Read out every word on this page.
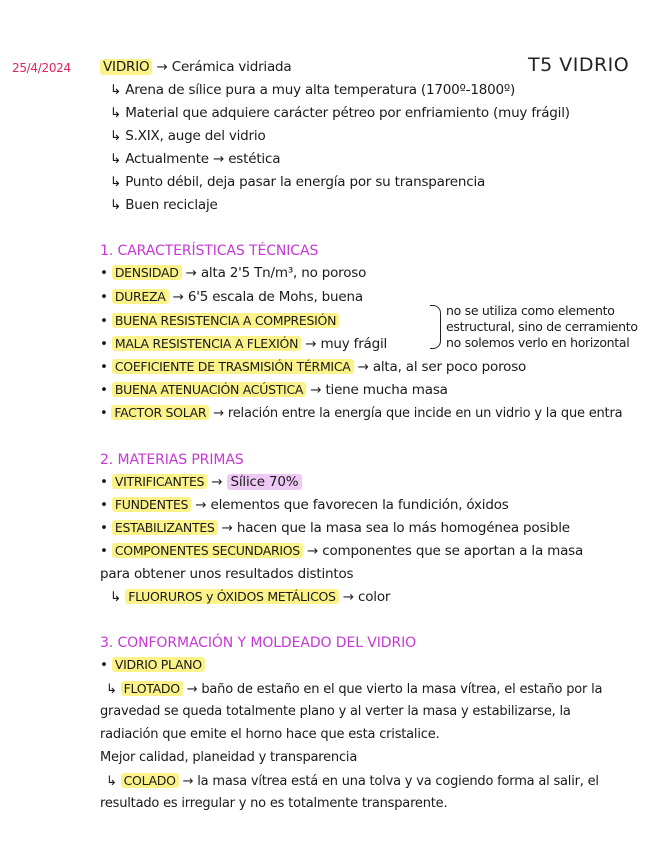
25/4/2024	T5 VIDRIO
VIDRIO → Cerámica vidriada
↳ Arena de sílice pura a muy alta temperatura (1700º-1800º)
↳ Material que adquiere carácter pétreo por enfriamiento (muy frágil)
↳ S.XIX, auge del vidrio
↳ Actualmente → estética
↳ Punto débil, deja pasar la energía por su transparencia
↳ Buen reciclaje
1. CARACTERÍSTICAS TÉCNICAS
• DENSIDAD → alta 2'5 Tn/m³, no poroso
• DUREZA → 6'5 escala de Mohs, buena
• BUENA RESISTENCIA A COMPRESIÓN
• MALA RESISTENCIA A FLEXIÓN → muy frágil
no se utiliza como elemento
estructural, sino de cerramiento
no solemos verlo en horizontal
• COEFICIENTE DE TRASMISIÓN TÉRMICA → alta, al ser poco poroso
• BUENA ATENUACIÓN ACÚSTICA → tiene mucha masa
• FACTOR SOLAR → relación entre la energía que incide en un vidrio y la que entra
2. MATERIAS PRIMAS
• VITRIFICANTES → Sílice 70%
• FUNDENTES → elementos que favorecen la fundición, óxidos
• ESTABILIZANTES → hacen que la masa sea lo más homogénea posible
• COMPONENTES SECUNDARIOS → componentes que se aportan a la masa
para obtener unos resultados distintos
↳ FLUORUROS y ÓXIDOS METÁLICOS → color
3. CONFORMACIÓN Y MOLDEADO DEL VIDRIO
• VIDRIO PLANO
↳ FLOTADO → baño de estaño en el que vierto la masa vítrea, el estaño por la
gravedad se queda totalmente plano y al verter la masa y estabilizarse, la
radiación que emite el horno hace que esta cristalice.
Mejor calidad, planeidad y transparencia
↳ COLADO → la masa vítrea está en una tolva y va cogiendo forma al salir, el
resultado es irregular y no es totalmente transparente.
